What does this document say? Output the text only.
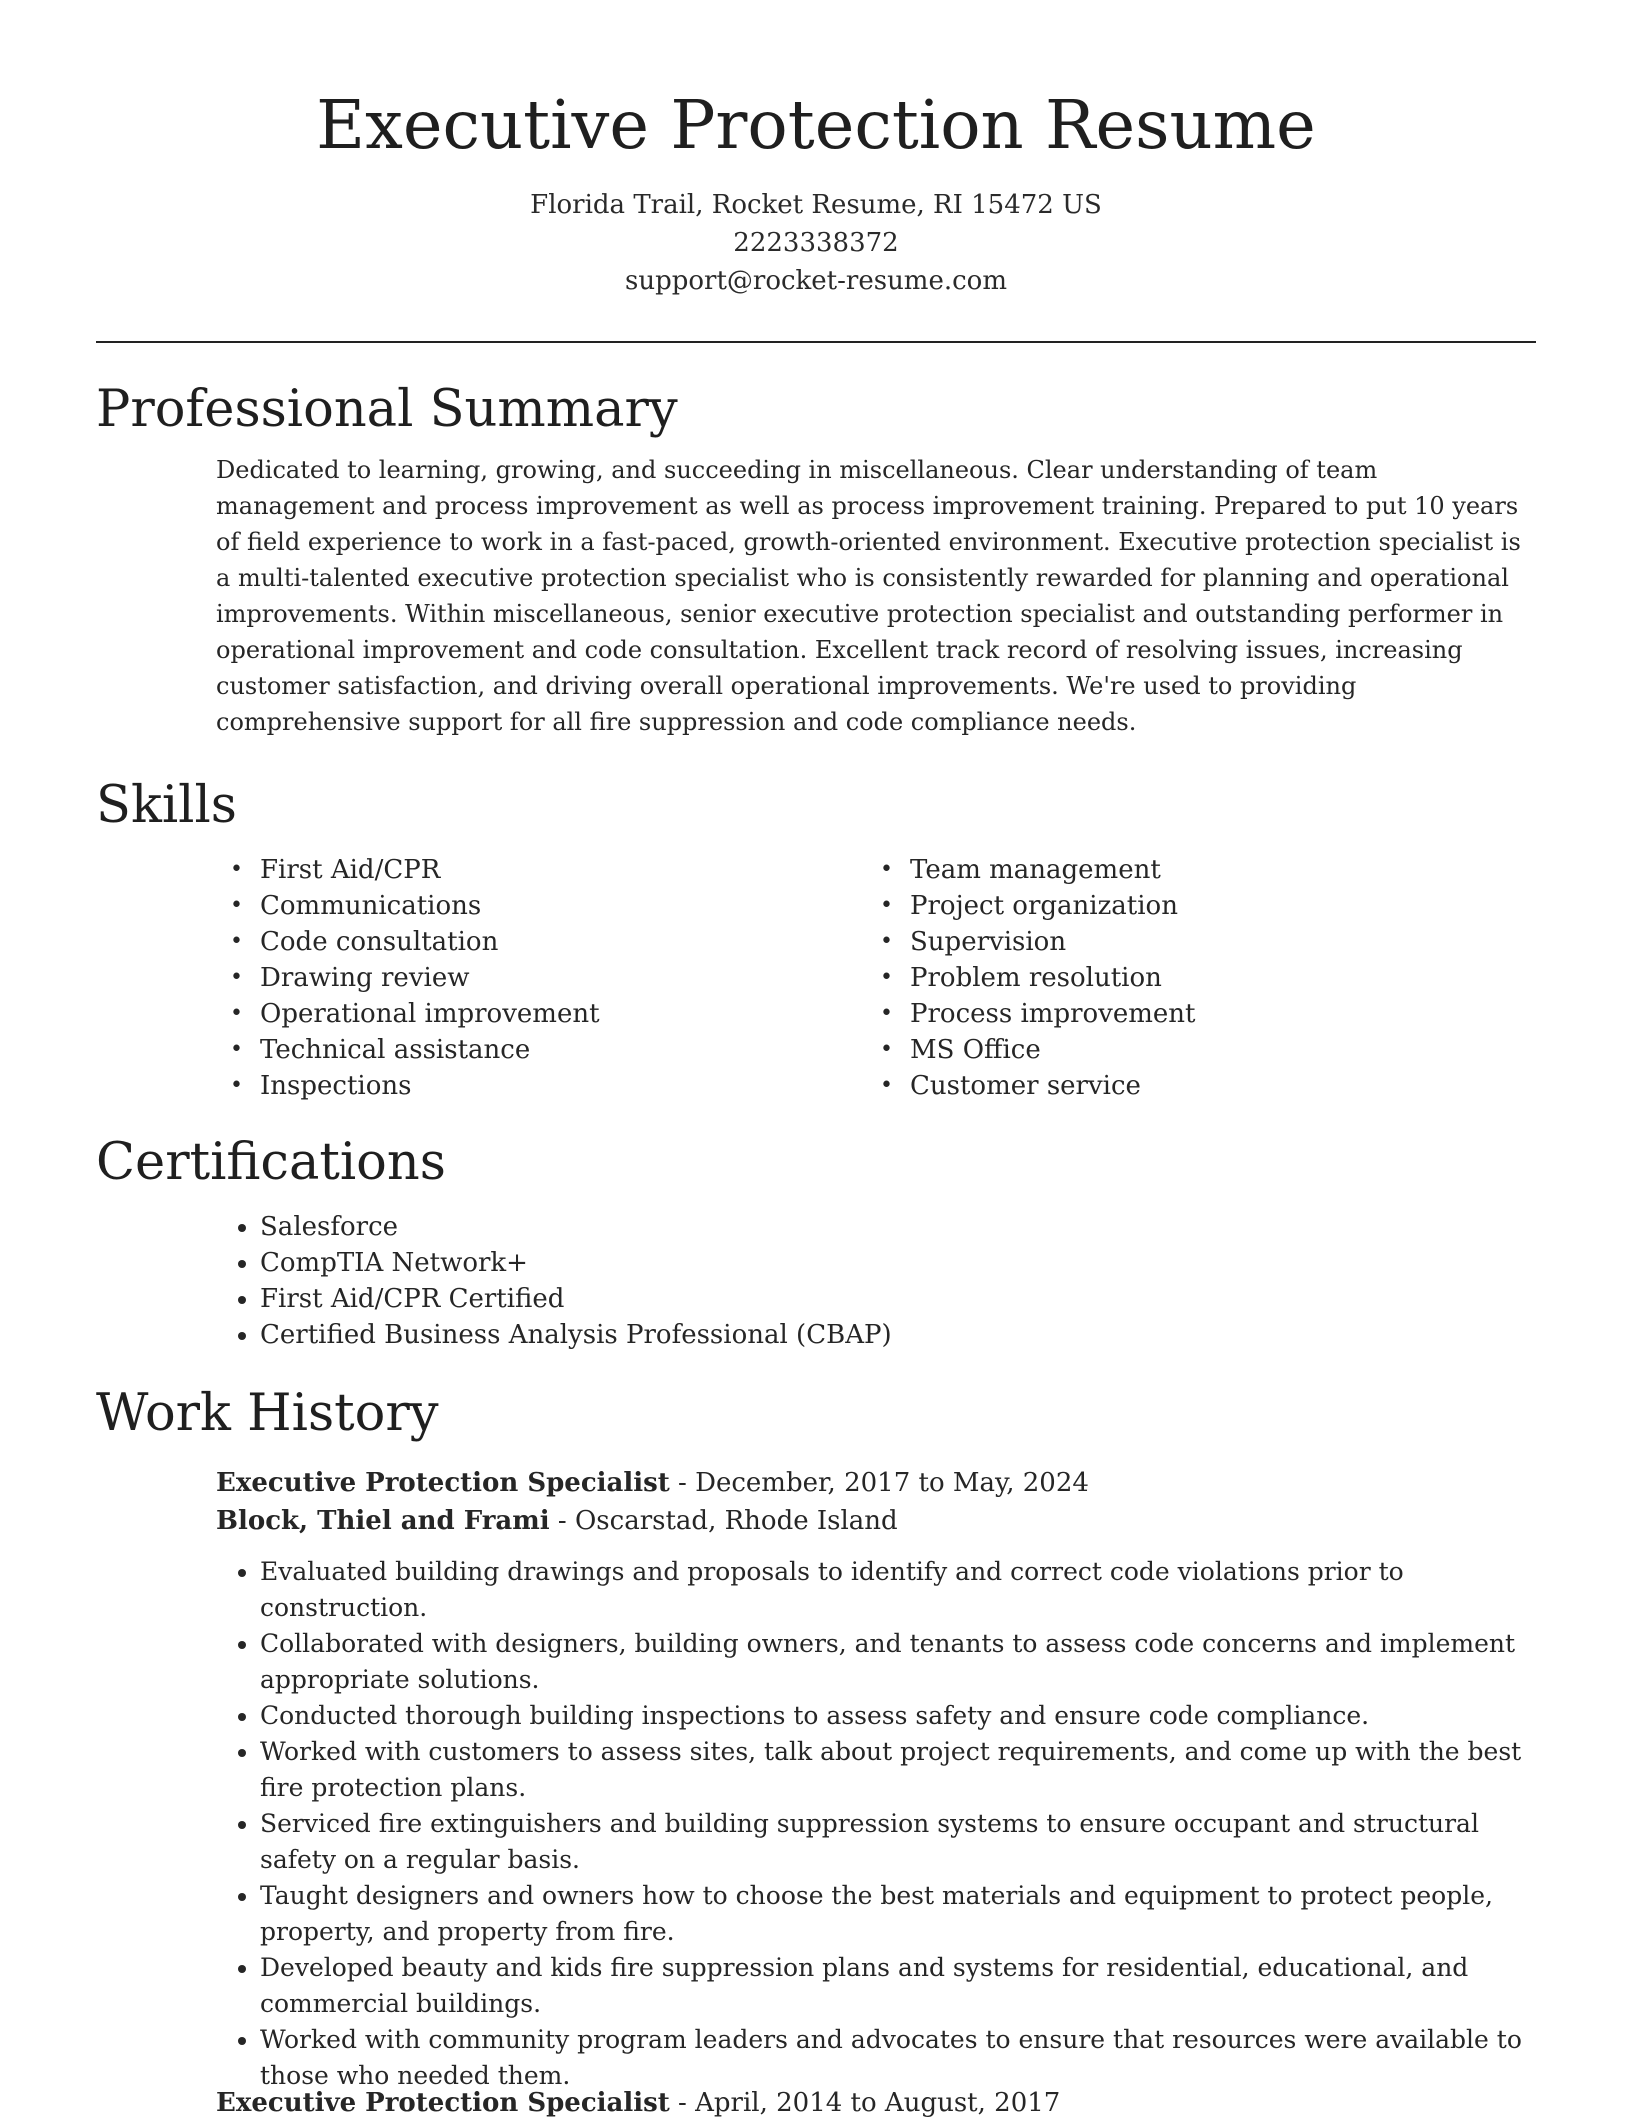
Executive Protection Resume
Florida Trail, Rocket Resume, RI 15472 US
2223338372
support@rocket-resume.com
Professional Summary

Dedicated to learning, growing, and succeeding in miscellaneous. Clear understanding of team management and process improvement as well as process improvement training. Prepared to put 10 years of field experience to work in a fast-paced, growth-oriented environment. Executive protection specialist is a multi-talented executive protection specialist who is consistently rewarded for planning and operational improvements. Within miscellaneous, senior executive protection specialist and outstanding performer in operational improvement and code consultation. Excellent track record of resolving issues, increasing customer satisfaction, and driving overall operational improvements. We're used to providing comprehensive support for all fire suppression and code compliance needs.

Skills
• First Aid/CPR
• Communications
• Code consultation
• Drawing review
• Operational improvement
• Technical assistance
• Inspections
• Team management
• Project organization
• Supervision
• Problem resolution
• Process improvement
• MS Office
• Customer service
Certifications
• Salesforce
• CompTIA Network+
• First Aid/CPR Certified
• Certified Business Analysis Professional (CBAP)
Work History
Executive Protection Specialist - December, 2017 to May, 2024
Block, Thiel and Frami - Oscarstad, Rhode Island
• Evaluated building drawings and proposals to identify and correct code violations prior to construction.
• Collaborated with designers, building owners, and tenants to assess code concerns and implement appropriate solutions.
• Conducted thorough building inspections to assess safety and ensure code compliance.
• Worked with customers to assess sites, talk about project requirements, and come up with the best fire protection plans.
• Serviced fire extinguishers and building suppression systems to ensure occupant and structural safety on a regular basis.
• Taught designers and owners how to choose the best materials and equipment to protect people, property, and property from fire.
• Developed beauty and kids fire suppression plans and systems for residential, educational, and commercial buildings.
• Worked with community program leaders and advocates to ensure that resources were available to those who needed them.
Executive Protection Specialist - April, 2014 to August, 2017
